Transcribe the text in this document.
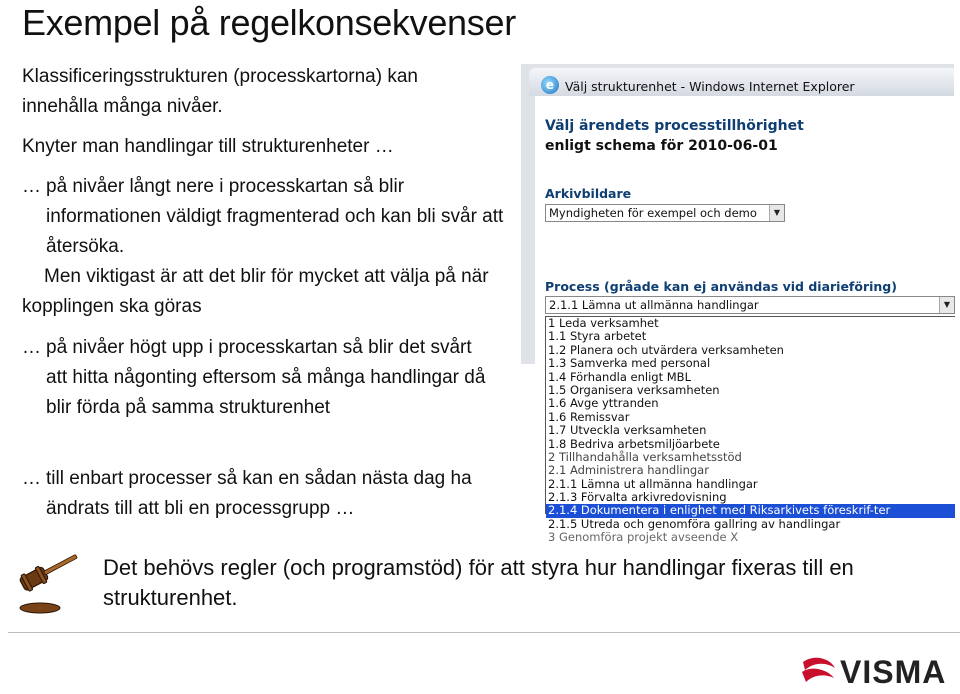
Exempel på regelkonsekvenser
Klassificeringsstrukturen (processkartorna) kan innehålla många nivåer.
Knyter man handlingar till strukturenheter …
… på nivåer långt nere i processkartan så blir informationen väldigt fragmenterad och kan bli svår att återsöka.
Men viktigast är att det blir för mycket att välja på när kopplingen ska göras
… på nivåer högt upp i processkartan så blir det svårt att hitta någonting eftersom så många handlingar då blir förda på samma strukturenhet
… till enbart processer så kan en sådan nästa dag ha ändrats till att bli en processgrupp …
e Välj strukturenhet - Windows Internet Explorer
Välj ärendets processtillhörighet
enligt schema för 2010-06-01
Arkivbildare
Myndigheten för exempel och demo	▼
Process (gråade kan ej användas vid diarieföring)
2.1.1 Lämna ut allmänna handlingar	▼
1 Leda verksamhet
1.1 Styra arbetet
1.2 Planera och utvärdera verksamheten
1.3 Samverka med personal
1.4 Förhandla enligt MBL
1.5 Organisera verksamheten
1.6 Avge yttranden
1.6 Remissvar
1.7 Utveckla verksamheten
1.8 Bedriva arbetsmiljöarbete
2 Tillhandahålla verksamhetsstöd
2.1 Administrera handlingar
2.1.1 Lämna ut allmänna handlingar
2.1.3 Förvalta arkivredovisning
2.1.4 Dokumentera i enlighet med Riksarkivets föreskrif-ter
2.1.5 Utreda och genomföra gallring av handlingar
3 Genomföra projekt avseende X
Det behövs regler (och programstöd) för att styra hur handlingar fixeras till en strukturenhet.
VISMA
